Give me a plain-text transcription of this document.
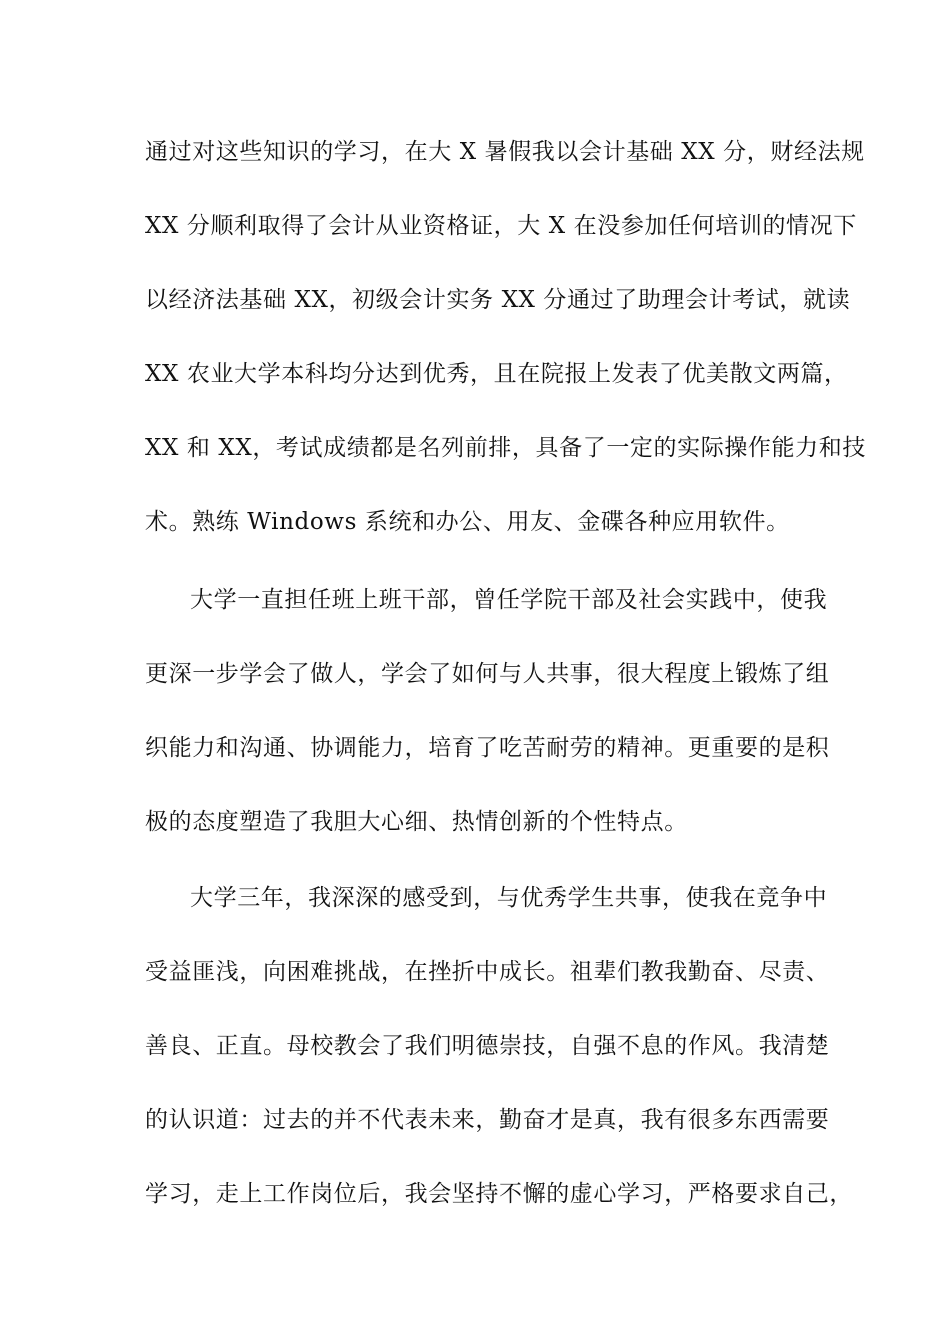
通过对这些知识的学习，在大 X 暑假我以会计基础 XX 分，财经法规
XX 分顺利取得了会计从业资格证，大 X 在没参加任何培训的情况下
以经济法基础 XX，初级会计实务 XX 分通过了助理会计考试，就读
XX 农业大学本科均分达到优秀，且在院报上发表了优美散文两篇，
XX 和 XX，考试成绩都是名列前排，具备了一定的实际操作能力和技
术。熟练 Windows 系统和办公、用友、金碟各种应用软件。
大学一直担任班上班干部，曾任学院干部及社会实践中，使我
更深一步学会了做人，学会了如何与人共事，很大程度上锻炼了组
织能力和沟通、协调能力，培育了吃苦耐劳的精神。更重要的是积
极的态度塑造了我胆大心细、热情创新的个性特点。
大学三年，我深深的感受到，与优秀学生共事，使我在竞争中
受益匪浅，向困难挑战，在挫折中成长。祖辈们教我勤奋、尽责、
善良、正直。母校教会了我们明德崇技，自强不息的作风。我清楚
的认识道：过去的并不代表未来，勤奋才是真，我有很多东西需要
学习，走上工作岗位后，我会坚持不懈的虚心学习，严格要求自己，
